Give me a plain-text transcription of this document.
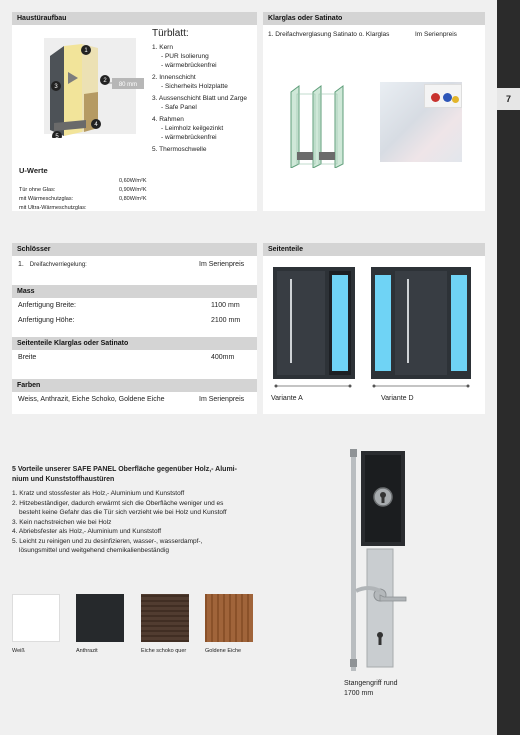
7
Haustüraufbau
80 mm
1
2
3
4
5
Türblatt:
1. Kern
- PUR Isolierung
- wärmebrückenfrei
2. Innenschicht
- Sicherheits Holzplatte
3. Aussenschicht Blatt und Zarge
- Safe Panel
4. Rahmen
- Leimholz keilgezinkt
- wärmebrückenfrei
5. Thermoschwelle
U-Werte
Tür ohne Glas:
0,60W/m²K
mit Wärmeschutzglas:
0,90W/m²K
mit Ultra-Wärmeschutzglas:
0,80W/m²K
Klarglas oder Satinato
1. Dreifachverglasung Satinato o. Klarglas	Im Serienpreis
Schlösser
1. Dreifachverriegelung:	Im Serienpreis
Mass
Anfertigung Breite:	1100 mm
Anfertigung Höhe:	2100 mm
Seitenteile Klarglas oder Satinato
Breite	400mm
Farben
Weiss, Anthrazit, Eiche Schoko, Goldene Eiche	Im Serienpreis
Seitenteile
Variante A	Variante D
5 Vorteile unserer SAFE PANEL Oberfläche gegenüber Holz,- Alumi-
nium und Kunststoffhaustüren
1. Kratz und stossfester als Holz,- Aluminium und Kunststoff
2. Hitzebeständiger, dadurch erwärmt sich die Oberfläche weniger und es
besteht keine Gefahr das die Tür sich verzieht wie bei Holz und Kunstoff
3. Kein nachstreichen wie bei Holz
4. Abriebsfester als Holz,- Aluminium und Kunststoff
5. Leicht zu reinigen und zu desinfizieren, wasser-, wasserdampf-,
lösungsmittel und weitgehend chemikalienbeständig
Weiß	Anthrazit	Eiche schoko quer	Goldene Eiche
Stangengriff rund
1700 mm
